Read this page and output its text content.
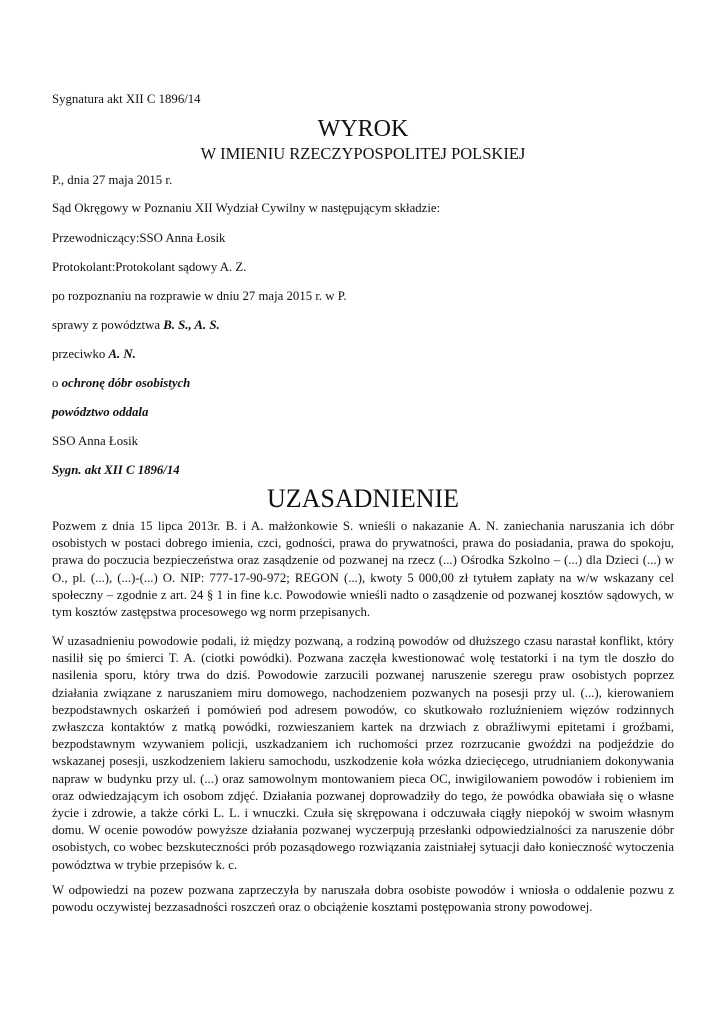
Sygnatura akt XII C 1896/14
WYROK
W IMIENIU RZECZYPOSPOLITEJ POLSKIEJ
P., dnia 27 maja 2015 r.
Sąd Okręgowy w Poznaniu XII Wydział Cywilny w następującym składzie:
Przewodniczący:SSO Anna Łosik
Protokolant:Protokolant sądowy A. Z.
po rozpoznaniu na rozprawie w dniu 27 maja 2015 r. w P.
sprawy z powództwa B. S., A. S.
przeciwko A. N.
o ochronę dóbr osobistych
powództwo oddala
SSO Anna Łosik
Sygn. akt XII C 1896/14
UZASADNIENIE

Pozwem z dnia 15 lipca 2013r. B. i A. małżonkowie S. wnieśli o nakazanie A. N. zaniechania naruszania ich dóbr osobistych w postaci dobrego imienia, czci, godności, prawa do prywatności, prawa do posiadania, prawa do spokoju, prawa do poczucia bezpieczeństwa oraz zasądzenie od pozwanej na rzecz (...) Ośrodka Szkolno – (...) dla Dzieci (...) w O., pl. (...), (...)-(...) O. NIP: 777-17-90-972; REGON (...), kwoty 5 000,00 zł tytułem zapłaty na w/w wskazany cel społeczny – zgodnie z art. 24 § 1 in fine k.c. Powodowie wnieśli nadto o zasądzenie od pozwanej kosztów sądowych, w tym kosztów zastępstwa procesowego wg norm przepisanych.

W uzasadnieniu powodowie podali, iż między pozwaną, a rodziną powodów od dłuższego czasu narastał konflikt, który nasilił się po śmierci T. A. (ciotki powódki). Pozwana zaczęła kwestionować wolę testatorki i na tym tle doszło do nasilenia sporu, który trwa do dziś. Powodowie zarzucili pozwanej naruszenie szeregu praw osobistych poprzez działania związane z naruszaniem miru domowego, nachodzeniem pozwanych na posesji przy ul. (...), kierowaniem bezpodstawnych oskarżeń i pomówień pod adresem powodów, co skutkowało rozluźnieniem więzów rodzinnych zwłaszcza kontaktów z matką powódki, rozwieszaniem kartek na drzwiach z obraźliwymi epitetami i groźbami, bezpodstawnym wzywaniem policji, uszkadzaniem ich ruchomości przez rozrzucanie gwoździ na podjeździe do wskazanej posesji, uszkodzeniem lakieru samochodu, uszkodzenie koła wózka dziecięcego, utrudnianiem dokonywania napraw w budynku przy ul. (...) oraz samowolnym montowaniem pieca OC, inwigilowaniem powodów i robieniem im oraz odwiedzającym ich osobom zdjęć. Działania pozwanej doprowadziły do tego, że powódka obawiała się o własne życie i zdrowie, a także córki L. L. i wnuczki. Czuła się skrępowana i odczuwała ciągły niepokój w swoim własnym domu. W ocenie powodów powyższe działania pozwanej wyczerpują przesłanki odpowiedzialności za naruszenie dóbr osobistych, co wobec bezskuteczności prób pozasądowego rozwiązania zaistniałej sytuacji dało konieczność wytoczenia powództwa w trybie przepisów k. c.

W odpowiedzi na pozew pozwana zaprzeczyła by naruszała dobra osobiste powodów i wniosła o oddalenie pozwu z powodu oczywistej bezzasadności roszczeń oraz o obciążenie kosztami postępowania strony powodowej.
